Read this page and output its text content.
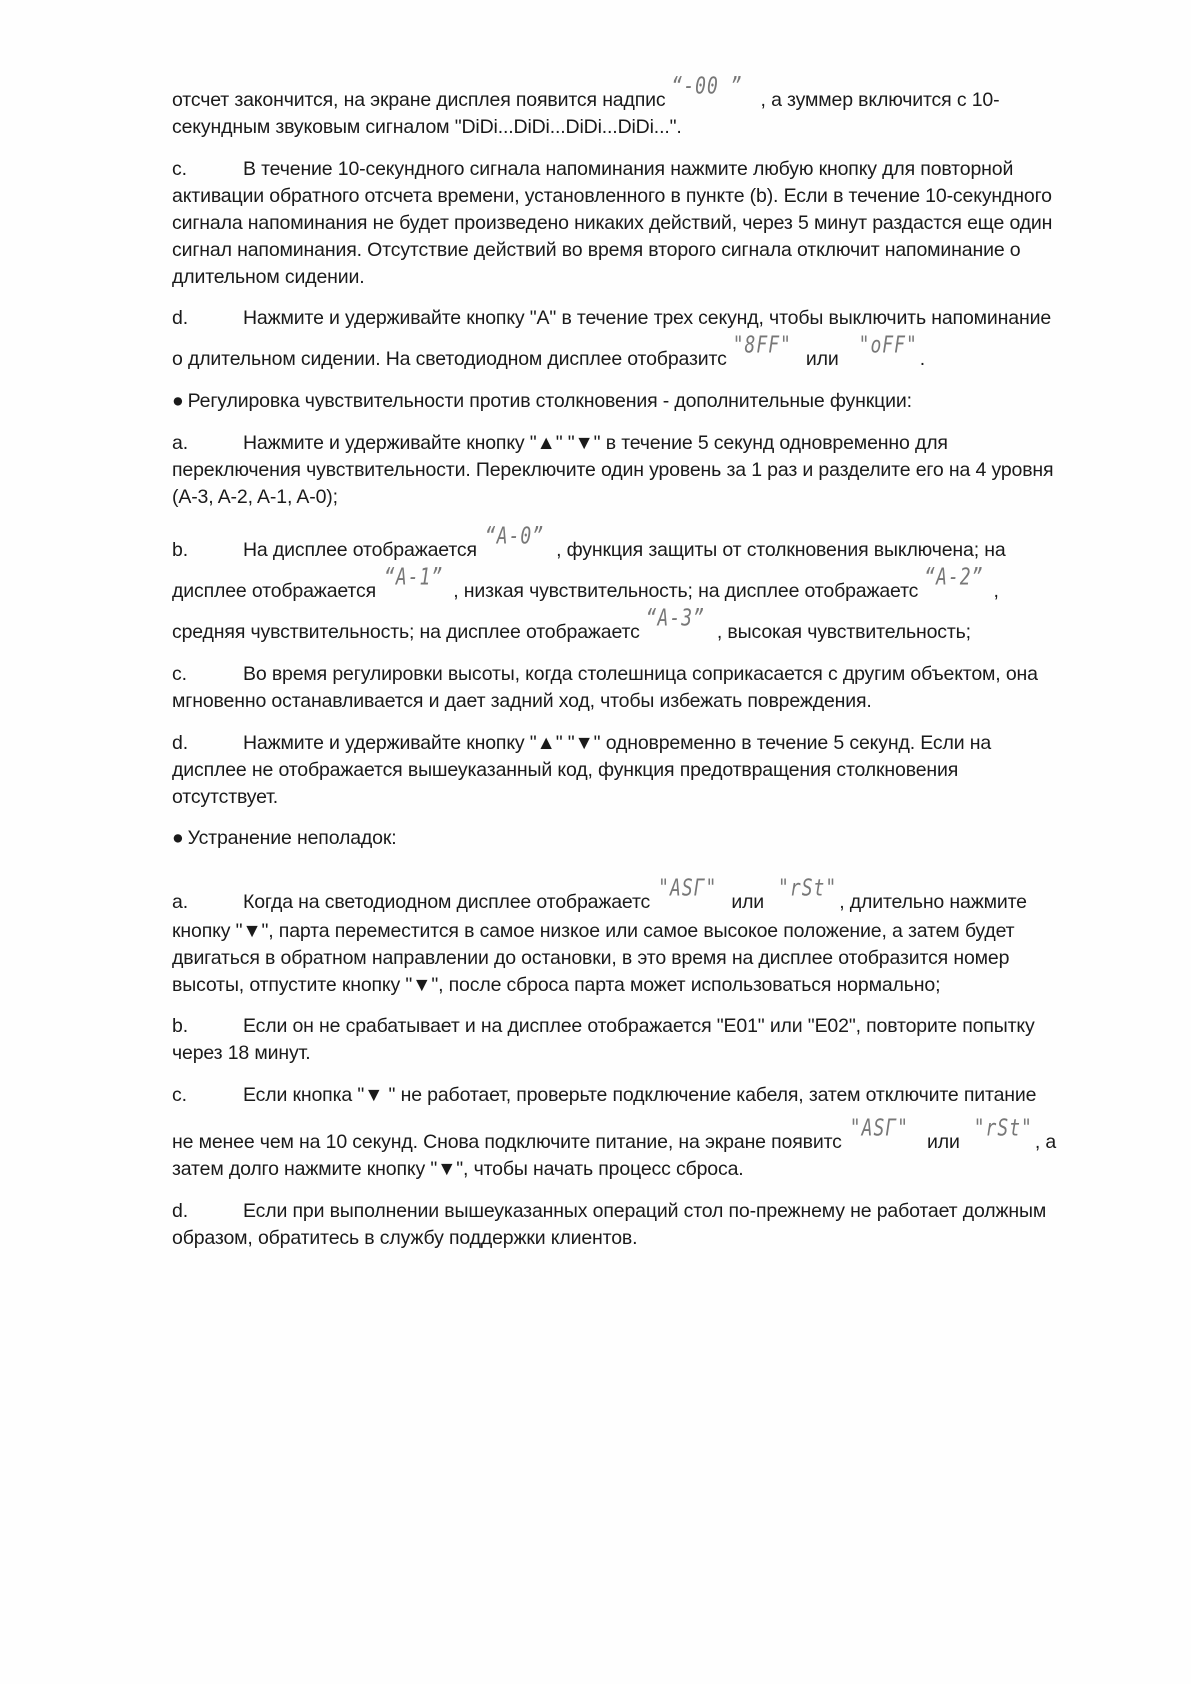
отсчет закончится, на экране дисплея появится надпис “-00 ” , а зуммер включится с 10-
секундным звуковым сигналом "DiDi...DiDi...DiDi...DiDi...".
c.	В течение 10-секундного сигнала напоминания нажмите любую кнопку для повторной
активации обратного отсчета времени, установленного в пункте (b). Если в течение 10-секундного
сигнала напоминания не будет произведено никаких действий, через 5 минут раздастся еще один
сигнал напоминания. Отсутствие действий во время второго сигнала отключит напоминание о
длительном сидении.
d.	Нажмите и удерживайте кнопку "A" в течение трех секунд, чтобы выключить напоминание
о длительном сидении. На светодиодном дисплее отобразитс "8FF" или "oFF" .
● Регулировка чувствительности против столкновения - дополнительные функции:
a.	Нажмите и удерживайте кнопку "▲" "▼" в течение 5 секунд одновременно для
переключения чувствительности. Переключите один уровень за 1 раз и разделите его на 4 уровня
(A-3, A-2, A-1, A-0);
b.	На дисплее отображается “A-0” , функция защиты от столкновения выключена; на
дисплее отображается “A-1” , низкая чувствительность; на дисплее отображаетс “A-2” ,
средняя чувствительность; на дисплее отображаетс “A-3” , высокая чувствительность;
c.	Во время регулировки высоты, когда столешница соприкасается с другим объектом, она
мгновенно останавливается и дает задний ход, чтобы избежать повреждения.
d.	Нажмите и удерживайте кнопку "▲" "▼" одновременно в течение 5 секунд. Если на
дисплее не отображается вышеуказанный код, функция предотвращения столкновения
отсутствует.
● Устранение неполадок:
a.	Когда на светодиодном дисплее отображаетс "ASГ" или "rSt" , длительно нажмите
кнопку "▼", парта переместится в самое низкое или самое высокое положение, а затем будет
двигаться в обратном направлении до остановки, в это время на дисплее отобразится номер
высоты, отпустите кнопку "▼", после сброса парта может использоваться нормально;
b.	Если он не срабатывает и на дисплее отображается "E01" или "E02", повторите попытку
через 18 минут.
c.	Если кнопка "▼ " не работает, проверьте подключение кабеля, затем отключите питание
не менее чем на 10 секунд. Снова подключите питание, на экране появитс "ASГ" или "rSt" , а
затем долго нажмите кнопку "▼", чтобы начать процесс сброса.
d.	Если при выполнении вышеуказанных операций стол по-прежнему не работает должным
образом, обратитесь в службу поддержки клиентов.
